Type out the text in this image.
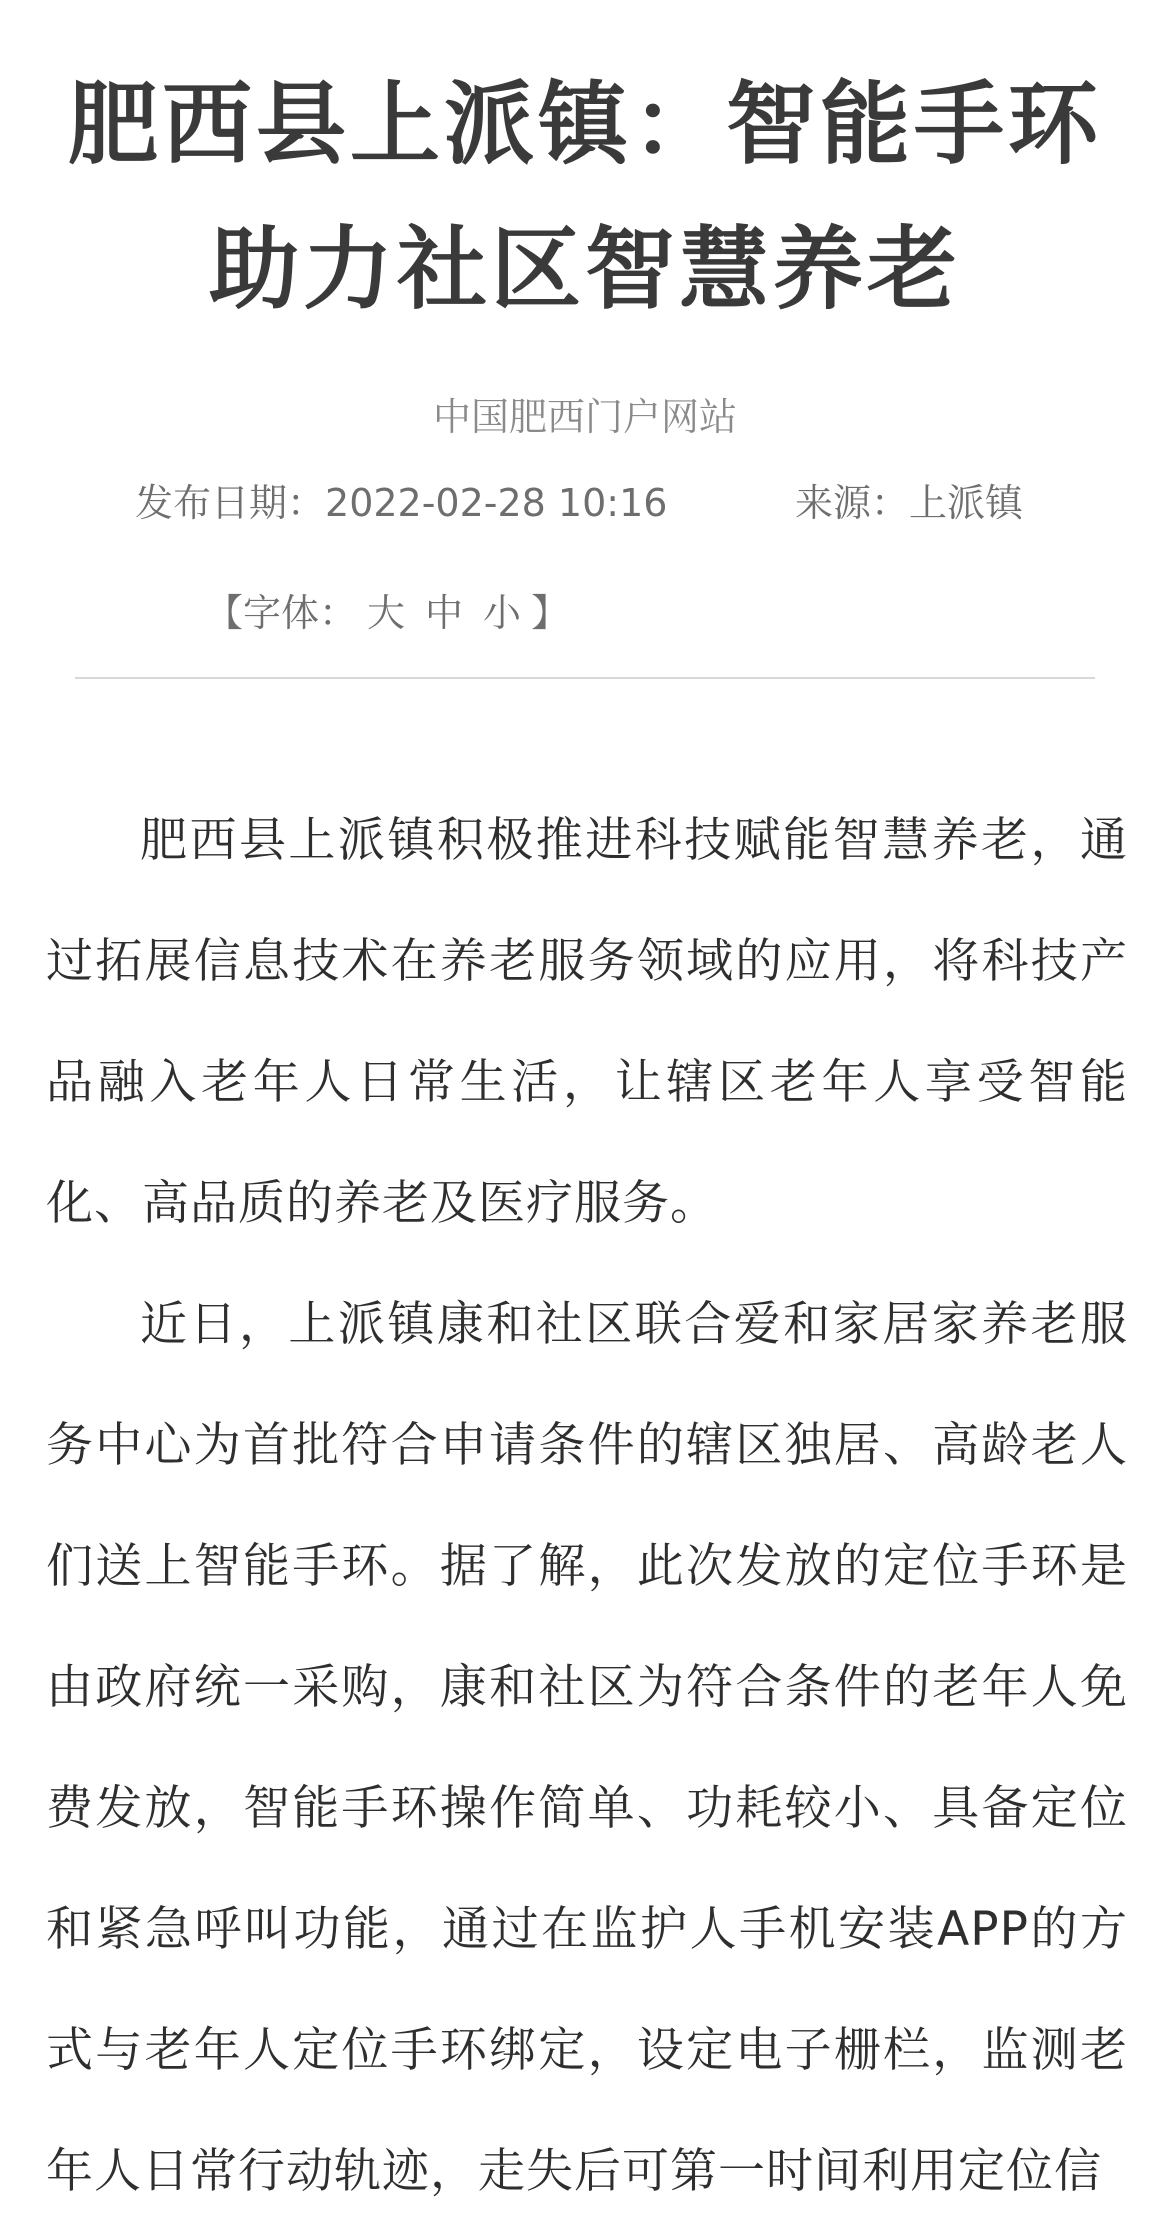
肥西县上派镇：智能手环助力社区智慧养老
中国肥西门户网站
发布日期：2022-02-28 10:16	来源：上派镇
【字体： 大 中 小 】

肥西县上派镇积极推进科技赋能智慧养老，通过拓展信息技术在养老服务领域的应用，将科技产品融入老年人日常生活，让辖区老年人享受智能化、高品质的养老及医疗服务。

近日，上派镇康和社区联合爱和家居家养老服务中心为首批符合申请条件的辖区独居、高龄老人们送上智能手环。据了解，此次发放的定位手环是由政府统一采购，康和社区为符合条件的老年人免费发放，智能手环操作简单、功耗较小、具备定位和紧急呼叫功能，通过在监护人手机安装APP的方式与老年人定位手环绑定，设定电子栅栏，监测老年人日常行动轨迹，走失后可第一时间利用定位信
